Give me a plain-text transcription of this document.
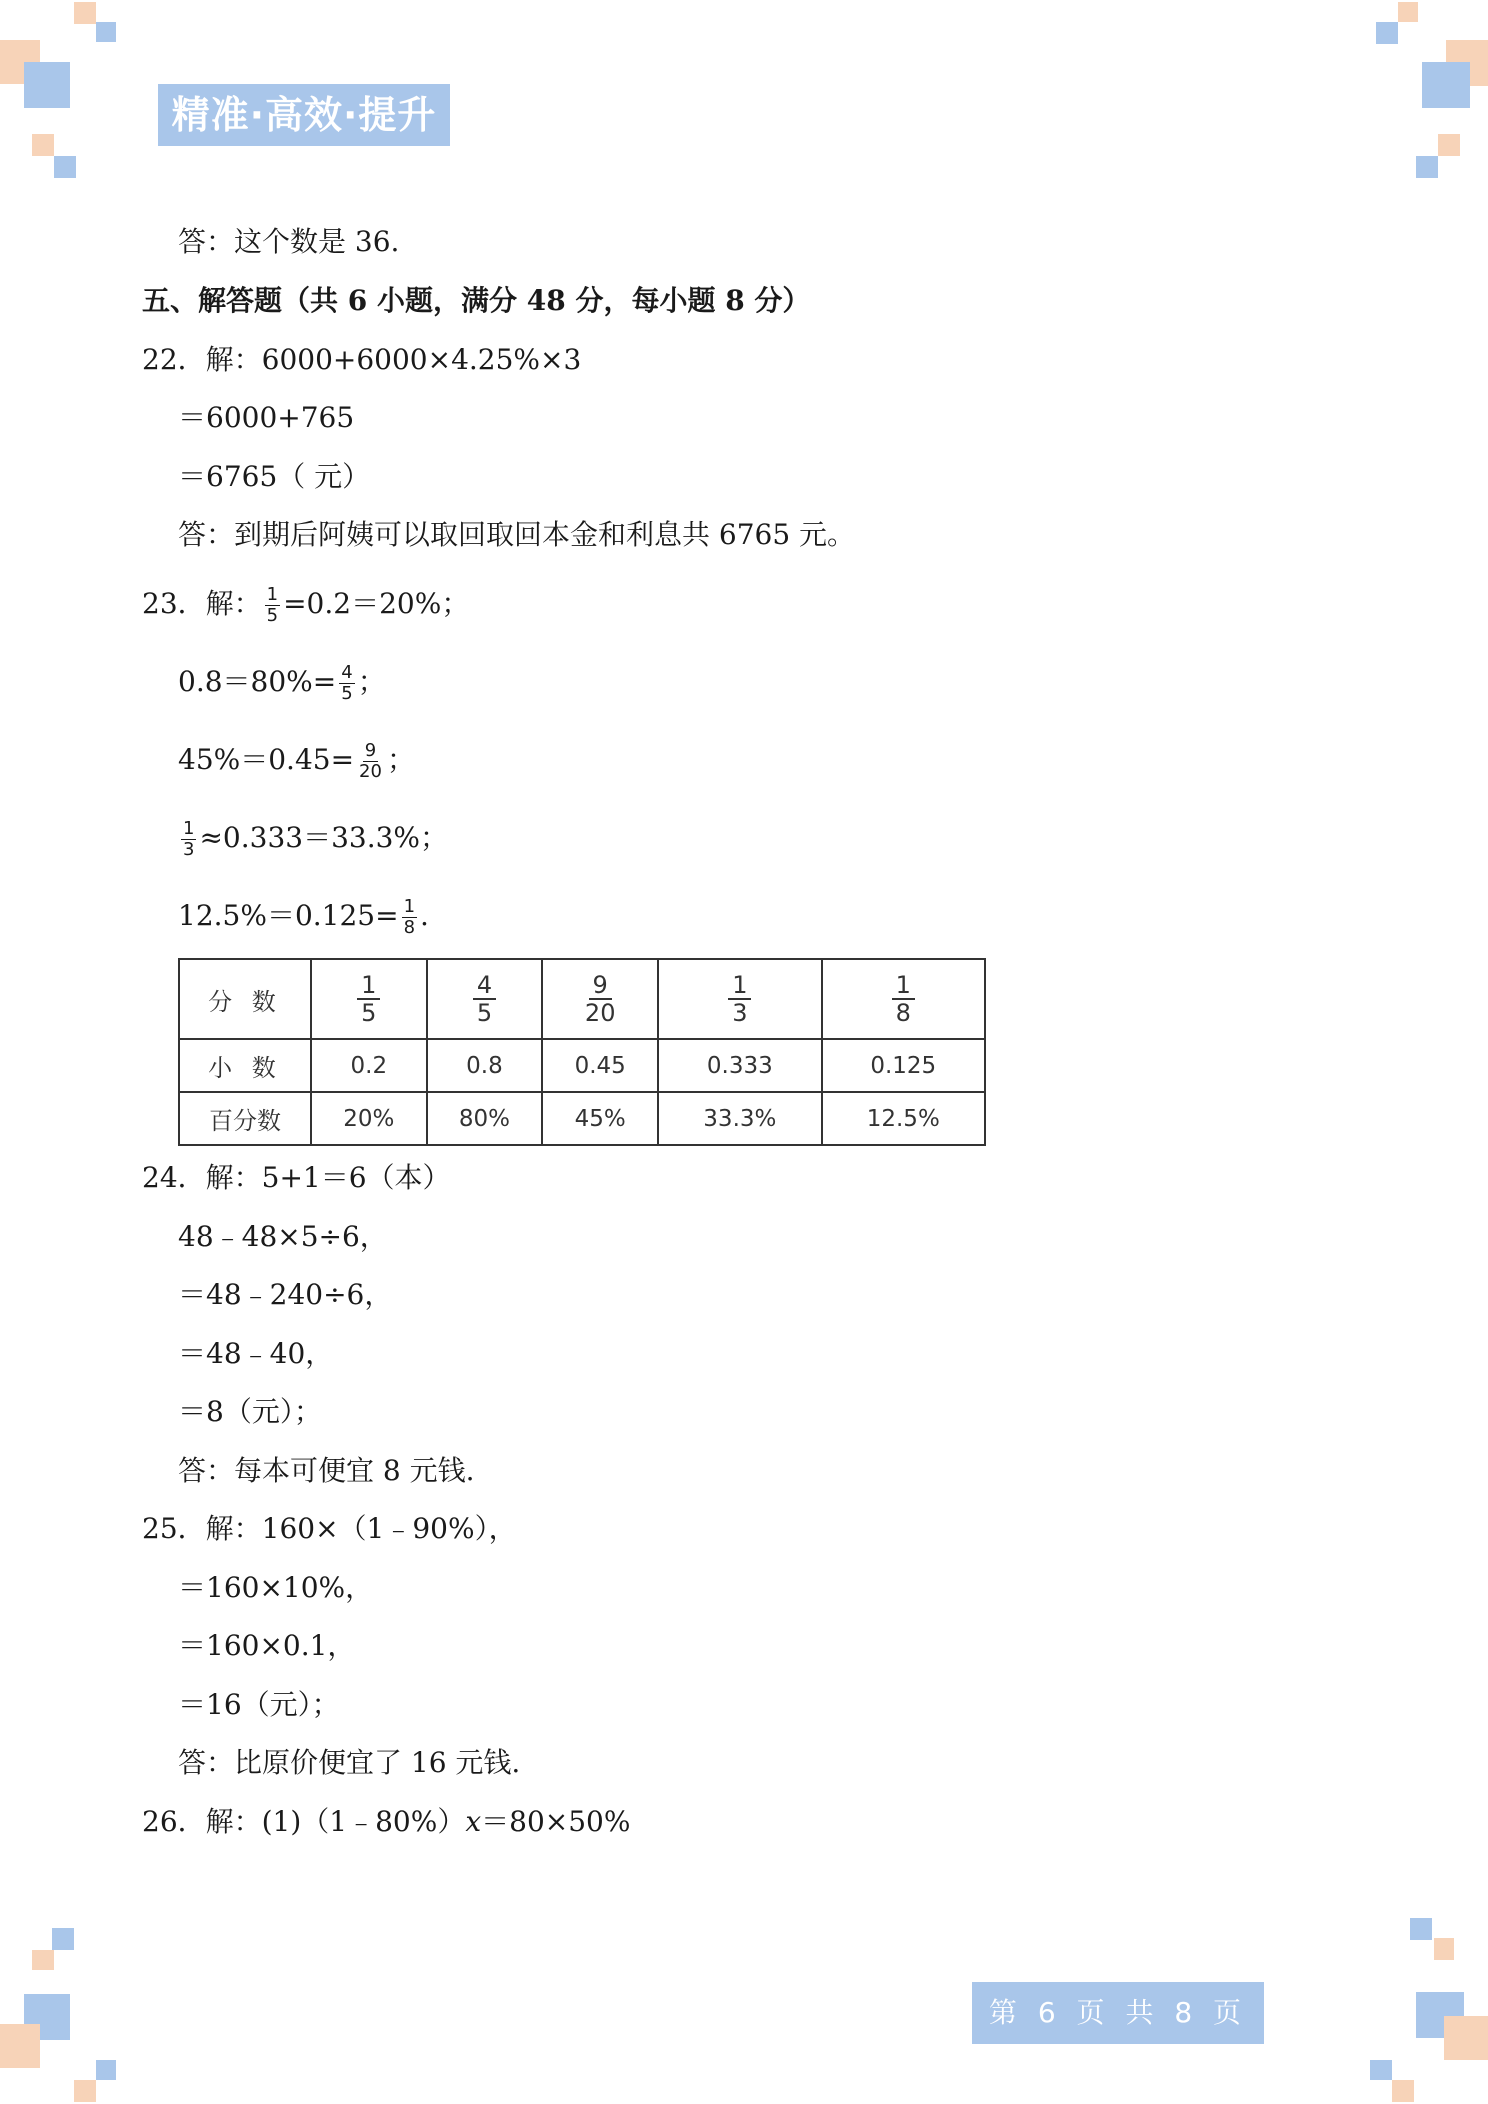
精准·高效·提升
答：这个数是 36.
五、解答题（共 6 小题，满分 48 分，每小题 8 分）
22．解：6000+6000×4.25%×3
＝6000+765
＝6765（ 元）
答：到期后阿姨可以取回取回本金和利息共 6765 元。
23．解： $\frac{1}{5} =0.2=20\%$；
$0.8=80\%= \frac{4}{5}$ ；
$45\%=0.45= \frac{9}{20}$ ；
$\frac{1}{3} \approx 0.333=33.3\%$；
$12.5\%=0.125= \frac{1}{8}$ .
分 数	$\frac{1}{5}$	$\frac{4}{5}$	$\frac{9}{20}$	$\frac{1}{3}$	$\frac{1}{8}$

小 数	0.2	0.8	0.45	0.333	0.125
百分数	20%	80%	45%	33.3%	12.5%
24．解：5+1＝6（本）
48﹣48×5÷6，
＝48﹣240÷6，
＝48﹣40，
＝8（元）；
答：每本可便宜 8 元钱.
25．解：160×（1﹣90%），
＝160×10%，
＝160×0.1，
＝16（元）；
答：比原价便宜了 16 元钱.
26．解：(1)（1﹣80%）x＝80×50%
第 6 页 共 8 页
